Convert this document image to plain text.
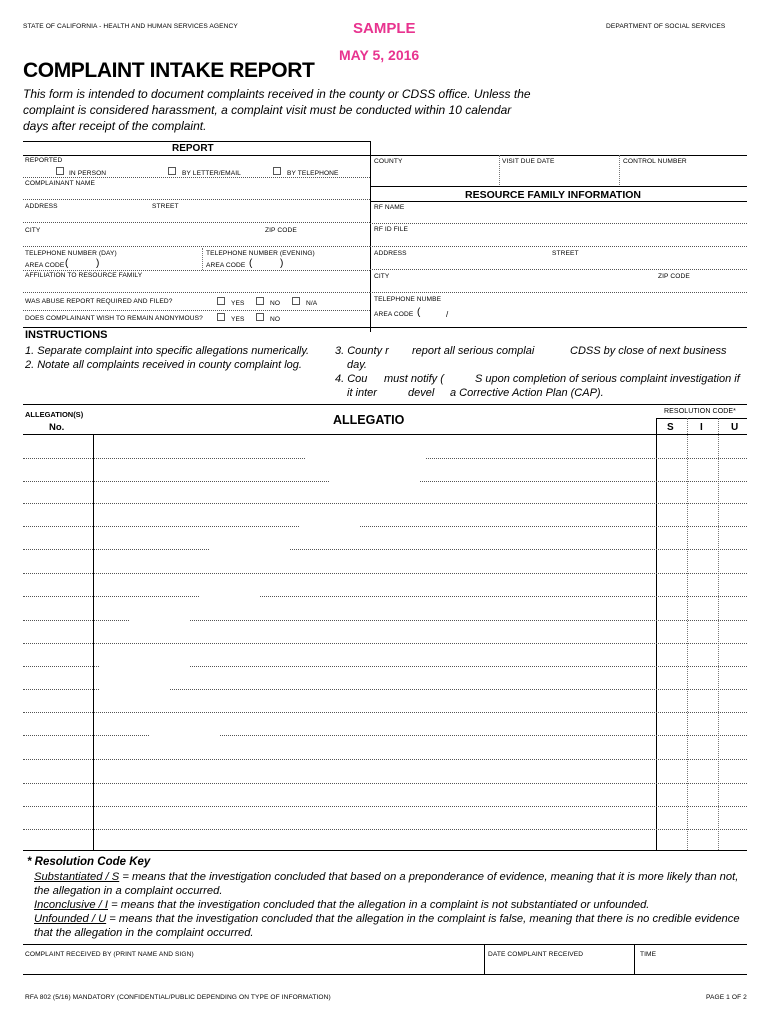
STATE OF CALIFORNIA - HEALTH AND HUMAN SERVICES AGENCY	DEPARTMENT OF SOCIAL SERVICES
SAMPLE
MAY 5, 2016
COMPLAINT INTAKE REPORT
This form is intended to document complaints received in the county or CDSS office. Unless the
complaint is considered harassment, a complaint visit must be conducted within 10 calendar
days after receipt of the complaint.
REPORT
REPORTED
IN PERSON	BY LETTER/EMAIL	BY TELEPHONE
COMPLAINANT NAME
ADDRESS	STREET
CITY	ZIP CODE
TELEPHONE NUMBER (DAY)
AREA CODE (	)
TELEPHONE NUMBER (EVENING)
AREA CODE (	)
AFFILIATION TO RESOURCE FAMILY
WAS ABUSE REPORT REQUIRED AND FILED?	YES	NO	N/A
DOES COMPLAINANT WISH TO REMAIN ANONYMOUS?	YES	NO
COUNTY	VISIT DUE DATE	CONTROL NUMBER
RESOURCE FAMILY INFORMATION
RF NAME
RF ID FILE
ADDRESS	STREET
CITY	ZIP CODE
TELEPHONE NUMBE
AREA CODE (	/
INSTRUCTIONS
1. Separate complaint into specific allegations numerically.
2. Notate all complaints received in county complaint log.
3. County r report all serious complai	CDSS by close of next business
day.
4. Cou must notify (	S upon completion of serious complaint investigation if
it inter	devel a Corrective Action Plan (CAP).
ALLEGATION(S)
No.
ALLEGATIO
RESOLUTION CODE*
S	I	U
* Resolution Code Key
Substantiated / S = means that the investigation concluded that based on a preponderance of evidence, meaning that it is more likely than not,
the allegation in a complaint occurred.
Inconclusive / I = means that the investigation concluded that the allegation in a complaint is not substantiated or unfounded.
Unfounded / U = means that the investigation concluded that the allegation in the complaint is false, meaning that there is no credible evidence
that the allegation in the complaint occurred.
COMPLAINT RECEIVED BY (PRINT NAME AND SIGN)	DATE COMPLAINT RECEIVED	TIME
RFA 802 (5/16) MANDATORY (CONFIDENTIAL/PUBLIC DEPENDING ON TYPE OF INFORMATION)	PAGE 1 OF 2
